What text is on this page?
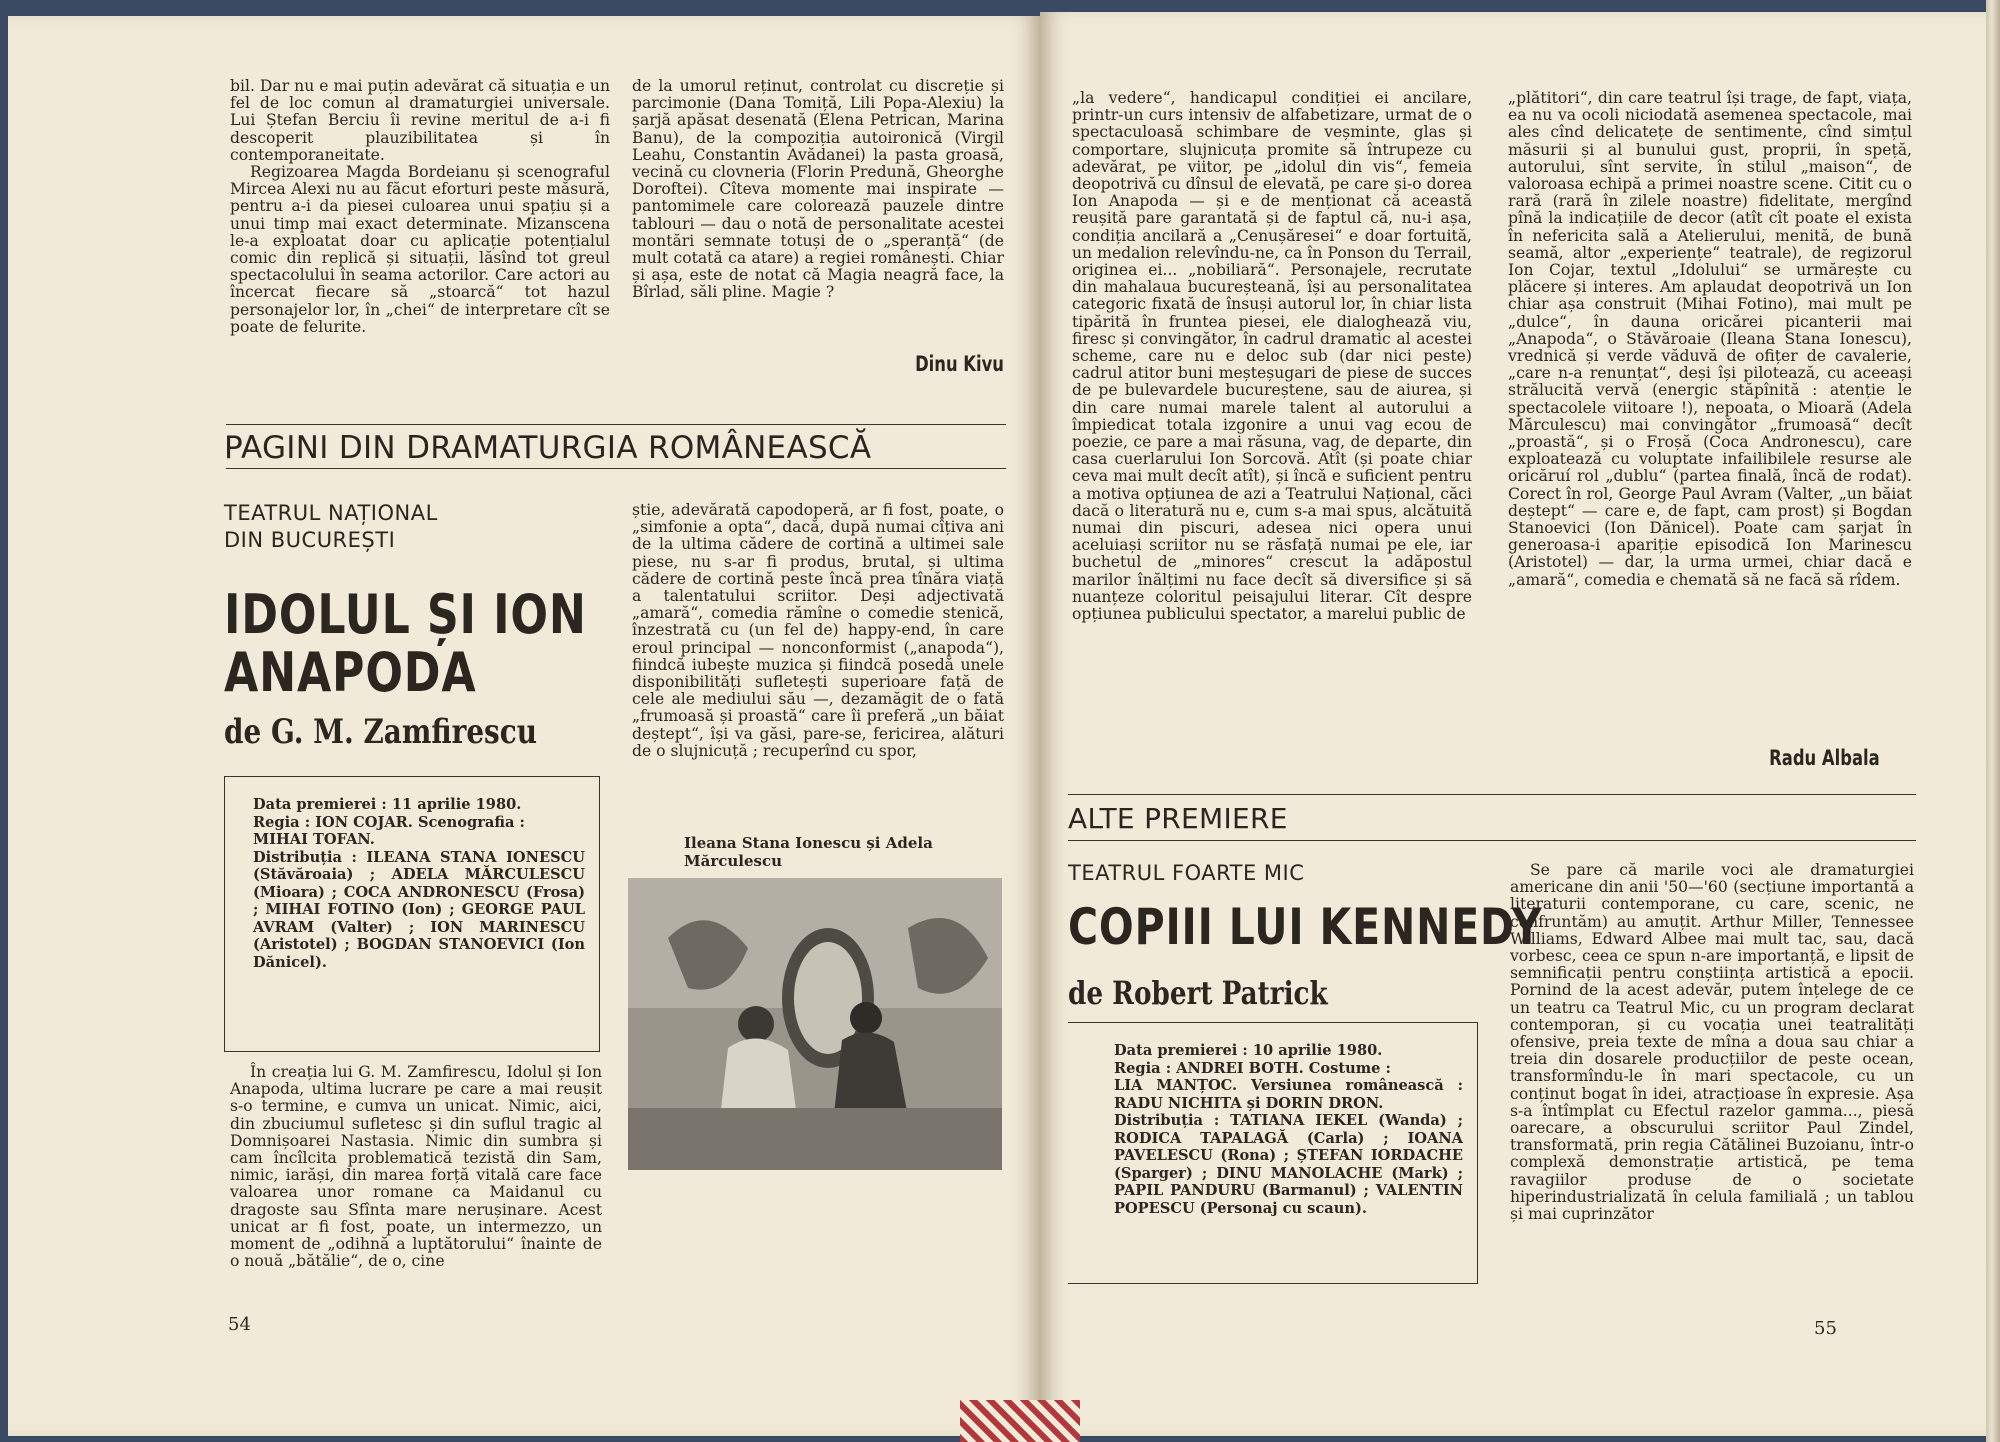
bil. Dar nu e mai puțin adevărat că situația e un fel de loc comun al dramaturgiei universale. Lui Ștefan Berciu îi revine meritul de a-i fi descoperit plauzibilitatea și în contemporaneitate.

Regizoarea Magda Bordeianu și scenograful Mircea Alexi nu au făcut eforturi peste măsură, pentru a-i da piesei culoarea unui spațiu și a unui timp mai exact determinate. Mizanscena le-a exploatat doar cu aplicație potențialul comic din replică și situații, lăsînd tot greul spectacolului în seama actorilor. Care actori au încercat fiecare să „stoarcă“ tot hazul personajelor lor, în „chei“ de interpretare cît se poate de felurite.

de la umorul reținut, controlat cu discreție și parcimonie (Dana Tomiță, Lili Popa-Alexiu) la șarjă apăsat desenată (Elena Petrican, Marina Banu), de la compoziția autoironică (Virgil Leahu, Constantin Avădanei) la pasta groasă, vecină cu clovneria (Florin Predună, Gheorghe Dorofteі). Cîteva momente mai inspirate — pantomimele care colorează pauzele dintre tablouri — dau o notă de personalitate acestei montări semnate totuși de o „speranță“ (de mult cotată ca atare) a regiei românești. Chiar și așa, este de notat că Magia neagră face, la Bîrlad, săli pline. Magie ?

Dinu Kivu
PAGINI DIN DRAMATURGIA ROMÂNEASCĂ
TEATRUL NAȚIONAL
DIN BUCUREȘTI
IDOLUL ȘI ION
ANAPODA
de G. M. Zamfirescu
Data premierei : 11 aprilie 1980.
Regia : ION COJAR. Scenografia :
MIHAI TOFAN.
Distribuția : ILEANA STANA IONESCU (Stăvăroaia) ; ADELA MĂRCULESCU (Mioara) ; COCA ANDRONESCU (Frosa) ; MIHAI FOTINO (Ion) ; GEORGE PAUL AVRAM (Valter) ; ION MARINESCU (Aristotel) ; BOGDAN STANOEVICI (Ion Dănicel).

În creația lui G. M. Zamfirescu, Idolul și Ion Anapoda, ultima lucrare pe care a mai reușit s-o termine, e cumva un unicat. Nimic, aici, din zbuciumul sufletesc și din suflul tragic al Domnișoarei Nastasia. Nimic din sumbra și cam încîlcita problematică tezistă din Sam, nimic, iarăși, din marea forță vitală care face valoarea unor romane ca Maidanul cu dragoste sau Sfînta mare nerușinare. Acest unicat ar fi fost, poate, un intermezzo, un moment de „odihnă a luptătorului“ înainte de o nouă „bătălie“, de o, cine

știe, adevărată capodoperă, ar fi fost, poate, o „simfonie a opta“, dacă, după numai cîțiva ani de la ultima cădere de cortină a ultimei sale piese, nu s-ar fi produs, brutal, și ultima cădere de cortină peste încă prea tînăra viață a talentatului scriitor. Deși adjectivată „amară“, comedia rămîne o comedie stenică, înzestrată cu (un fel de) happy-end, în care eroul principal — nonconformist („anapoda“), fiindcă iubește muzica și fiindcă posedă unele disponibilități sufletești superioare față de cele ale mediului său —, dezamăgit de o fată „frumoasă și proastă“ care îi preferă „un băiat deștept“, își va găsi, pare-se, fericirea, alături de o slujnicuță ; recuperînd cu spor,

Ileana Stana Ionescu și Adela Mărculescu
54

„la vedere“, handicapul condiției ei ancilare, printr-un curs intensiv de alfabetizare, urmat de o spectaculoasă schimbare de veșminte, glas și comportare, slujnicuța promite să întrupeze cu adevărat, pe viitor, pe „idolul din vis“, femeia deopotrivă cu dînsul de elevată, pe care și-o dorea Ion Anapoda — și e de menționat că această reușită pare garantată și de faptul că, nu-i așa, condiția ancilară a „Cenușăresei“ e doar fortuită, un medalion relevîndu-ne, ca în Ponson du Terrail, originea ei... „nobiliară“. Personajele, recrutate din mahalaua bucureșteană, își au personalitatea categoric fixată de însuși autorul lor, în chiar lista tipărită în fruntea piesei, ele dialoghează viu, firesc și convingător, în cadrul dramatic al acestei scheme, care nu e deloc sub (dar nici peste) cadrul atitor buni meșteșugari de piese de succes de pe bulevardele bucureștene, sau de aiurea, și din care numai marele talent al autorului a împiedicat totala izgonire a unui vag ecou de poezie, ce pare a mai răsuna, vag, de departe, din casa cuerlarului Ion Sorcovă. Atît (și poate chiar ceva mai mult decît atît), și încă e suficient pentru a motiva opțiunea de azi a Teatrului Național, căci dacă o literatură nu e, cum s-a mai spus, alcătuită numai din piscuri, adesea nici opera unui aceluiași scriitor nu se răsfață numai pe ele, iar buchetul de „minores“ crescut la adăpostul marilor înălțimi nu face decît să diversifice și să nuanțeze coloritul peisajului literar. Cît despre opțiunea publicului spectator, a marelui public de

„plătitori“, din care teatrul își trage, de fapt, viața, ea nu va ocoli niciodată asemenea spectacole, mai ales cînd delicatețe de sentimente, cînd simțul măsurii și al bunului gust, proprii, în speță, autorului, sînt servite, în stilul „maison“, de valoroasa echipă a primei noastre scene. Citit cu o rară (rară în zilele noastre) fidelitate, mergînd pînă la indicațiile de decor (atît cît poate el exista în nefericita sală a Atelierului, menită, de bună seamă, altor „experiențe“ teatrale), de regizorul Ion Cojar, textul „Idolului“ se urmărește cu plăcere și interes. Am aplaudat deopotrivă un Ion chiar așa construit (Mihai Fotino), mai mult pe „dulce“, în dauna oricărei picanterii mai „Anapoda“, o Stăvăroaie (Ileana Stana Ionescu), vrednică și verde văduvă de ofițer de cavalerie, „care n-a renunțat“, deși își pilotează, cu aceeași strălucită vervă (energic stăpînită : atenție le spectacolele viitoare !), nepoata, o Mioară (Adela Mărculescu) mai convingător „frumoasă“ decît „proastă“, și o Froșă (Coca Andronescu), care exploatează cu voluptate infailibilele resurse ale oricăruí rol „dublu“ (partea finală, încă de rodat). Corect în rol, George Paul Avram (Valter, „un băiat deștept“ — care e, de fapt, cam prost) și Bogdan Stanoevici (Ion Dănicel). Poate cam șarjat în generoasa-i apariție episodică Ion Marinescu (Aristotel) — dar, la urma urmei, chiar dacă e „amară“, comedia e chemată să ne facă să rîdem.

Radu Albala
ALTE PREMIERE
TEATRUL FOARTE MIC
COPIII LUI KENNEDY
de Robert Patrick
Data premierei : 10 aprilie 1980.
Regia : ANDREI BOTH. Costume :
LIA MANȚOC. Versiunea românească : RADU NICHITA și DORIN DRON.
Distribuția : TATIANA IEKEL (Wanda) ; RODICA TAPALAGĂ (Carla) ; IOANA PAVELESCU (Rona) ; ȘTEFAN IORDACHE (Sparger) ; DINU MANOLACHE (Mark) ; PAPIL PANDURU (Barmanul) ; VALENTIN POPESCU (Personaj cu scaun).

Se pare că marile voci ale dramaturgiei americane din anii '50—'60 (secțiune importantă a literaturii contemporane, cu care, scenic, ne confruntăm) au amuțit. Arthur Miller, Tennessee Williams, Edward Albee mai mult tac, sau, dacă vorbesc, ceea ce spun n-are importanță, e lipsit de semnificații pentru conștiința artistică a epocii. Pornind de la acest adevăr, putem înțelege de ce un teatru ca Teatrul Mic, cu un program declarat contemporan, și cu vocația unei teatralități ofensive, preia texte de mîna a doua sau chiar a treia din dosarele producțiilor de peste ocean, transformîndu-le în mari spectacole, cu un conținut bogat în idei, atracțioase în expresie. Așa s-a întîmplat cu Efectul razelor gamma..., piesă oarecare, a obscurului scriitor Paul Zindel, transformată, prin regia Cătălinei Buzoianu, într-o complexă demonstrație artistică, pe tema ravagiilor produse de o societate hiperindustrializată în celula familială ; un tablou și mai cuprinzător

55
